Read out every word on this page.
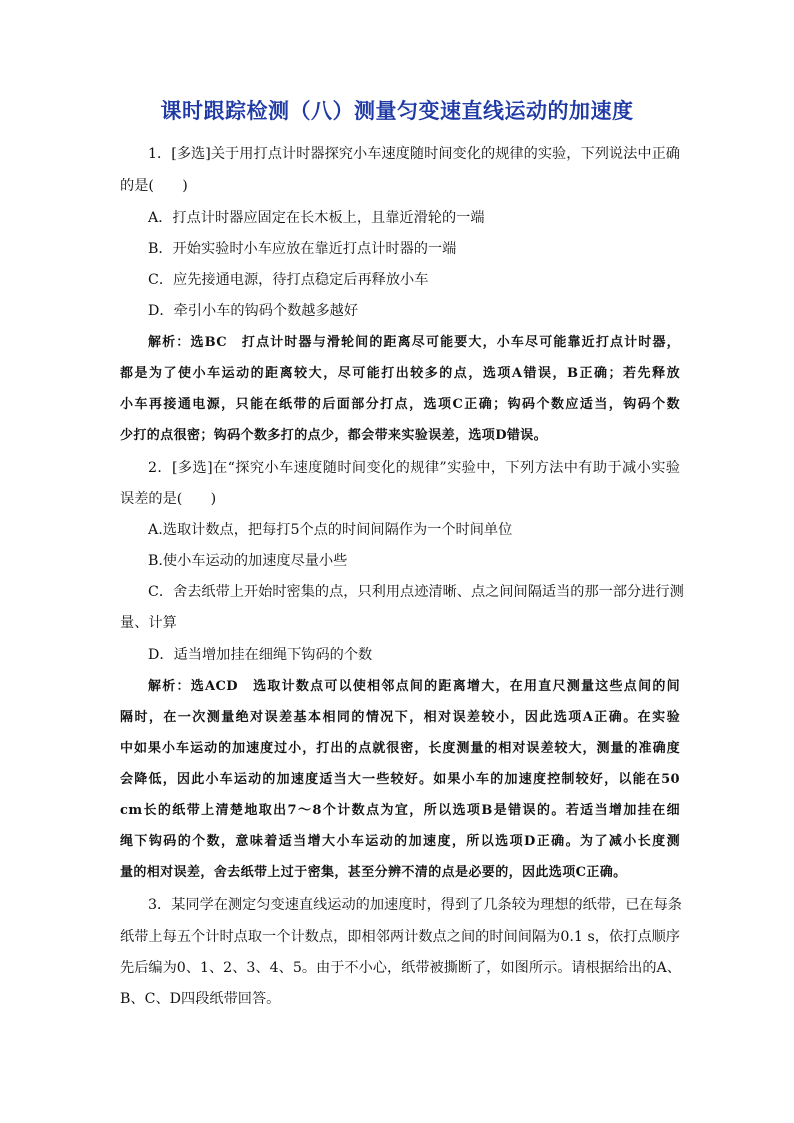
课时跟踪检测（八）测量匀变速直线运动的加速度
1．[多选]关于用打点计时器探究小车速度随时间变化的规律的实验，下列说法中正确
的是(　　)
A．打点计时器应固定在长木板上，且靠近滑轮的一端
B．开始实验时小车应放在靠近打点计时器的一端
C．应先接通电源，待打点稳定后再释放小车
D．牵引小车的钩码个数越多越好
解析：选BC　打点计时器与滑轮间的距离尽可能要大，小车尽可能靠近打点计时器，
都是为了使小车运动的距离较大，尽可能打出较多的点，选项A错误，B正确；若先释放
小车再接通电源，只能在纸带的后面部分打点，选项C正确；钩码个数应适当，钩码个数
少打的点很密；钩码个数多打的点少，都会带来实验误差，选项D错误。
2．[多选]在“探究小车速度随时间变化的规律”实验中，下列方法中有助于减小实验
误差的是(　　)
A.选取计数点，把每打5个点的时间间隔作为一个时间单位
B.使小车运动的加速度尽量小些
C．舍去纸带上开始时密集的点，只利用点迹清晰、点之间间隔适当的那一部分进行测
量、计算
D．适当增加挂在细绳下钩码的个数
解析：选ACD　选取计数点可以使相邻点间的距离增大，在用直尺测量这些点间的间
隔时，在一次测量绝对误差基本相同的情况下，相对误差较小，因此选项A正确。在实验
中如果小车运动的加速度过小，打出的点就很密，长度测量的相对误差较大，测量的准确度
会降低，因此小车运动的加速度适当大一些较好。如果小车的加速度控制较好，以能在50
cm长的纸带上清楚地取出7～8个计数点为宜，所以选项B是错误的。若适当增加挂在细
绳下钩码的个数，意味着适当增大小车运动的加速度，所以选项D正确。为了减小长度测
量的相对误差，舍去纸带上过于密集，甚至分辨不清的点是必要的，因此选项C正确。
3．某同学在测定匀变速直线运动的加速度时，得到了几条较为理想的纸带，已在每条
纸带上每五个计时点取一个计数点，即相邻两计数点之间的时间间隔为0.1 s，依打点顺序
先后编为0、1、2、3、4、5。由于不小心，纸带被撕断了，如图所示。请根据给出的A、
B、C、D四段纸带回答。
